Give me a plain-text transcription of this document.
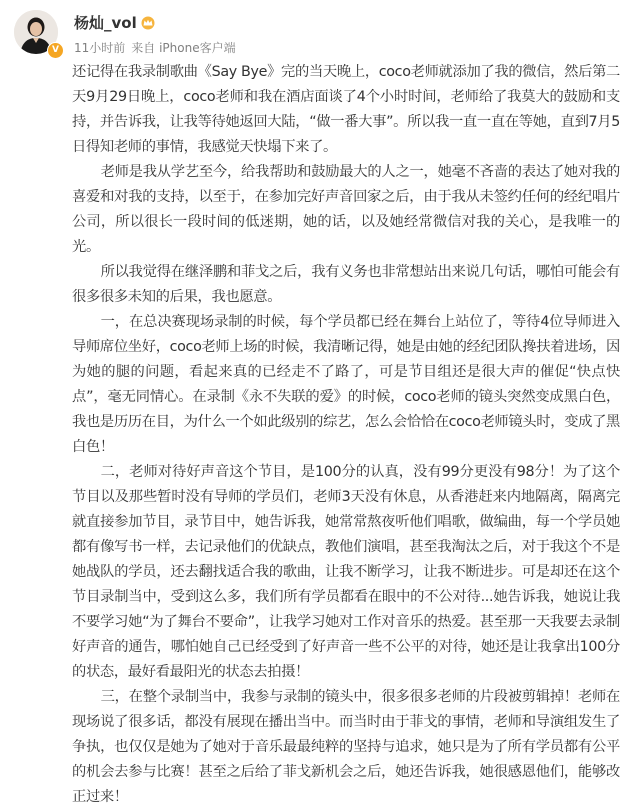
V
杨灿_vol
11小时前 来自 iPhone客户端

还记得在我录制歌曲《Say Bye》完的当天晚上，coco老师就添加了我的微信，然后第二天9月29日晚上，coco老师和我在酒店面谈了4个小时时间，老师给了我莫大的鼓励和支持，并告诉我，让我等待她返回大陆，“做一番大事”。所以我一直一直在等她，直到7月5日得知老师的事情，我感觉天快塌下来了。

老师是我从学艺至今，给我帮助和鼓励最大的人之一，她毫不吝啬的表达了她对我的喜爱和对我的支持，以至于，在参加完好声音回家之后，由于我从未签约任何的经纪唱片公司，所以很长一段时间的低迷期，她的话，以及她经常微信对我的关心，是我唯一的光。

所以我觉得在继泽鹏和菲戈之后，我有义务也非常想站出来说几句话，哪怕可能会有很多很多未知的后果，我也愿意。

一，在总决赛现场录制的时候，每个学员都已经在舞台上站位了，等待4位导师进入导师席位坐好，coco老师上场的时候，我清晰记得，她是由她的经纪团队搀扶着进场，因为她的腿的问题，看起来真的已经走不了路了，可是节目组还是很大声的催促“快点快点”，毫无同情心。在录制《永不失联的爱》的时候，coco老师的镜头突然变成黑白色，我也是历历在目，为什么一个如此级别的综艺，怎么会恰恰在coco老师镜头时，变成了黑白色！

二，老师对待好声音这个节目，是100分的认真，没有99分更没有98分！为了这个节目以及那些暂时没有导师的学员们，老师3天没有休息，从香港赶来内地隔离，隔离完就直接参加节目，录节目中，她告诉我，她常常熬夜听他们唱歌，做编曲，每一个学员她都有像写书一样，去记录他们的优缺点，教他们演唱，甚至我淘汰之后，对于我这个不是她战队的学员，还去翻找适合我的歌曲，让我不断学习，让我不断进步。可是却还在这个节目录制当中，受到这么多，我们所有学员都看在眼中的不公对待...她告诉我，她说让我不要学习她“为了舞台不要命”，让我学习她对工作对音乐的热爱。甚至那一天我要去录制好声音的通告，哪怕她自己已经受到了好声音一些不公平的对待，她还是让我拿出100分的状态，最好看最阳光的状态去拍摄！

三，在整个录制当中，我参与录制的镜头中，很多很多老师的片段被剪辑掉！老师在现场说了很多话，都没有展现在播出当中。而当时由于菲戈的事情，老师和导演组发生了争执，也仅仅是她为了她对于音乐最最纯粹的坚持与追求，她只是为了所有学员都有公平的机会去参与比赛！甚至之后给了菲戈新机会之后，她还告诉我，她很感恩他们，能够改正过来！
